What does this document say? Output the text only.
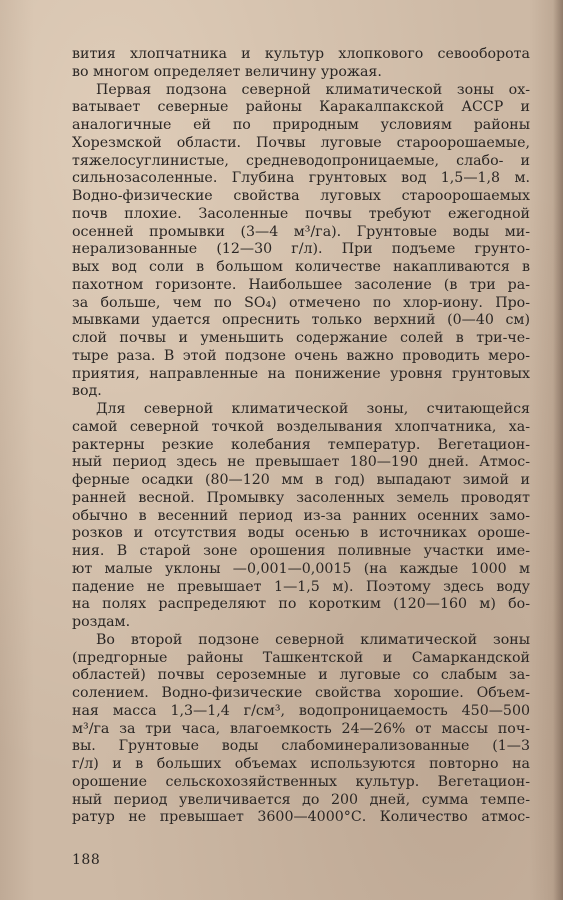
вития хлопчатника и культур хлопкового севооборота
во многом определяет величину урожая.
Первая подзона северной климатической зоны ох-
ватывает северные районы Каракалпакской АССР и
аналогичные ей по природным условиям районы
Хорезмской области. Почвы луговые староорошаемые,
тяжелосуглинистые, средневодопроницаемые, слабо- и
сильнозасоленные. Глубина грунтовых вод 1,5—1,8 м.
Водно-физические свойства луговых староорошаемых
почв плохие. Засоленные почвы требуют ежегодной
осенней промывки (3—4 м³/га). Грунтовые воды ми-
нерализованные (12—30 г/л). При подъеме грунто-
вых вод соли в большом количестве накапливаются в
пахотном горизонте. Наибольшее засоление (в три ра-
за больше, чем по SO₄) отмечено по хлор-иону. Про-
мывками удается опреснить только верхний (0—40 см)
слой почвы и уменьшить содержание солей в три-че-
тыре раза. В этой подзоне очень важно проводить меро-
приятия, направленные на понижение уровня грунтовых
вод.
Для северной климатической зоны, считающейся
самой северной точкой возделывания хлопчатника, ха-
рактерны резкие колебания температур. Вегетацион-
ный период здесь не превышает 180—190 дней. Атмос-
ферные осадки (80—120 мм в год) выпадают зимой и
ранней весной. Промывку засоленных земель проводят
обычно в весенний период из-за ранних осенних замо-
розков и отсутствия воды осенью в источниках ороше-
ния. В старой зоне орошения поливные участки име-
ют малые уклоны —0,001—0,0015 (на каждые 1000 м
падение не превышает 1—1,5 м). Поэтому здесь воду
на полях распределяют по коротким (120—160 м) бо-
роздам.
Во второй подзоне северной климатической зоны
(предгорные районы Ташкентской и Самаркандской
областей) почвы сероземные и луговые со слабым за-
солением. Водно-физические свойства хорошие. Объем-
ная масса 1,3—1,4 г/см³, водопроницаемость 450—500
м³/га за три часа, влагоемкость 24—26% от массы поч-
вы. Грунтовые воды слабоминерализованные (1—3
г/л) и в больших объемах используются повторно на
орошение сельскохозяйственных культур. Вегетацион-
ный период увеличивается до 200 дней, сумма темпе-
ратур не превышает 3600—4000°С. Количество атмос-
188
